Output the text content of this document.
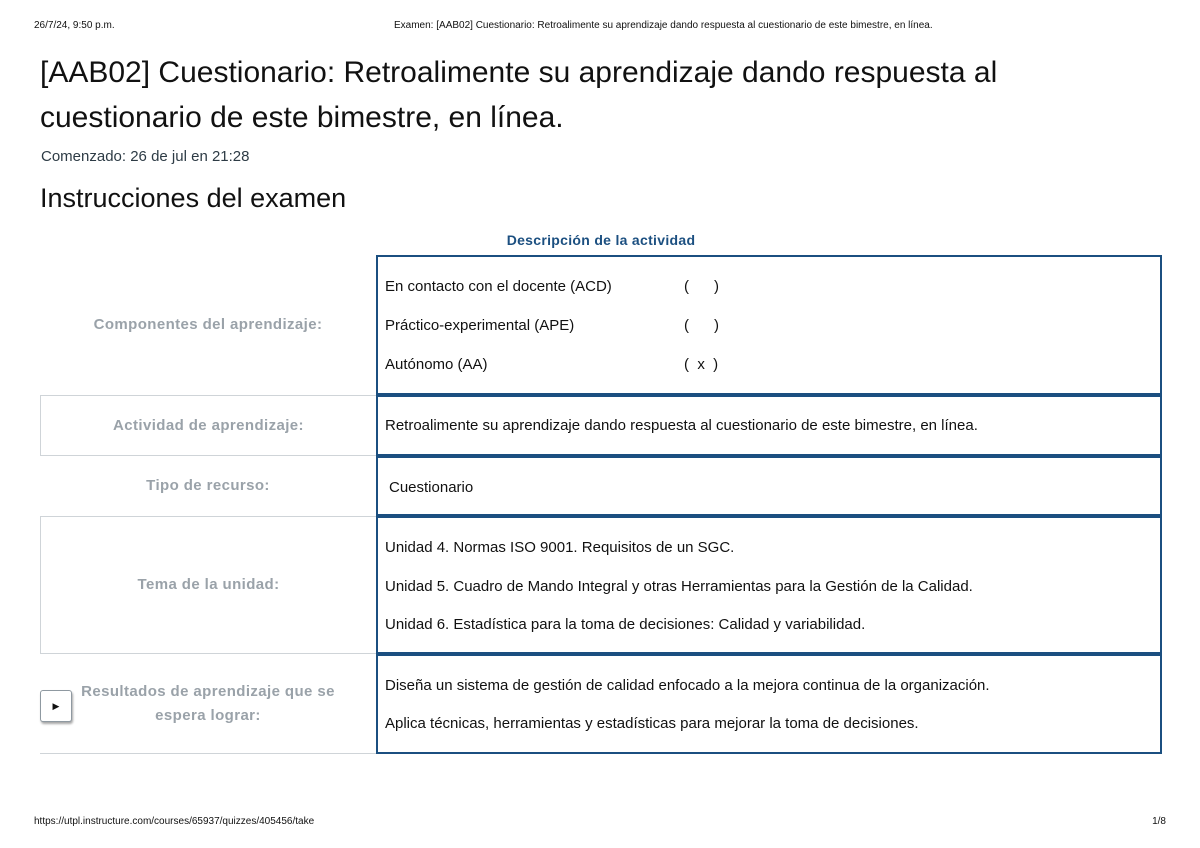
26/7/24, 9:50 p.m.	Examen: [AAB02] Cuestionario: Retroalimente su aprendizaje dando respuesta al cuestionario de este bimestre, en línea.
[AAB02] Cuestionario: Retroalimente su aprendizaje dando respuesta al cuestionario de este bimestre, en línea.
Comenzado: 26 de jul en 21:28
Instrucciones del examen
Descripción de la actividad
Componentes del aprendizaje:
En contacto con el docente (ACD)	(      )
Práctico-experimental (APE)	(      )
Autónomo (AA)	(  x  )
Actividad de aprendizaje:	Retroalimente su aprendizaje dando respuesta al cuestionario de este bimestre, en línea.
Tipo de recurso:	Cuestionario
Tema de la unidad:
Unidad 4. Normas ISO 9001. Requisitos de un SGC.
Unidad 5. Cuadro de Mando Integral y otras Herramientas para la Gestión de la Calidad.
Unidad 6. Estadística para la toma de decisiones: Calidad y variabilidad.
Resultados de aprendizaje que se espera lograr:
Diseña un sistema de gestión de calidad enfocado a la mejora continua de la organización.
Aplica técnicas, herramientas y estadísticas para mejorar la toma de decisiones.
▶
https://utpl.instructure.com/courses/65937/quizzes/405456/take	1/8
